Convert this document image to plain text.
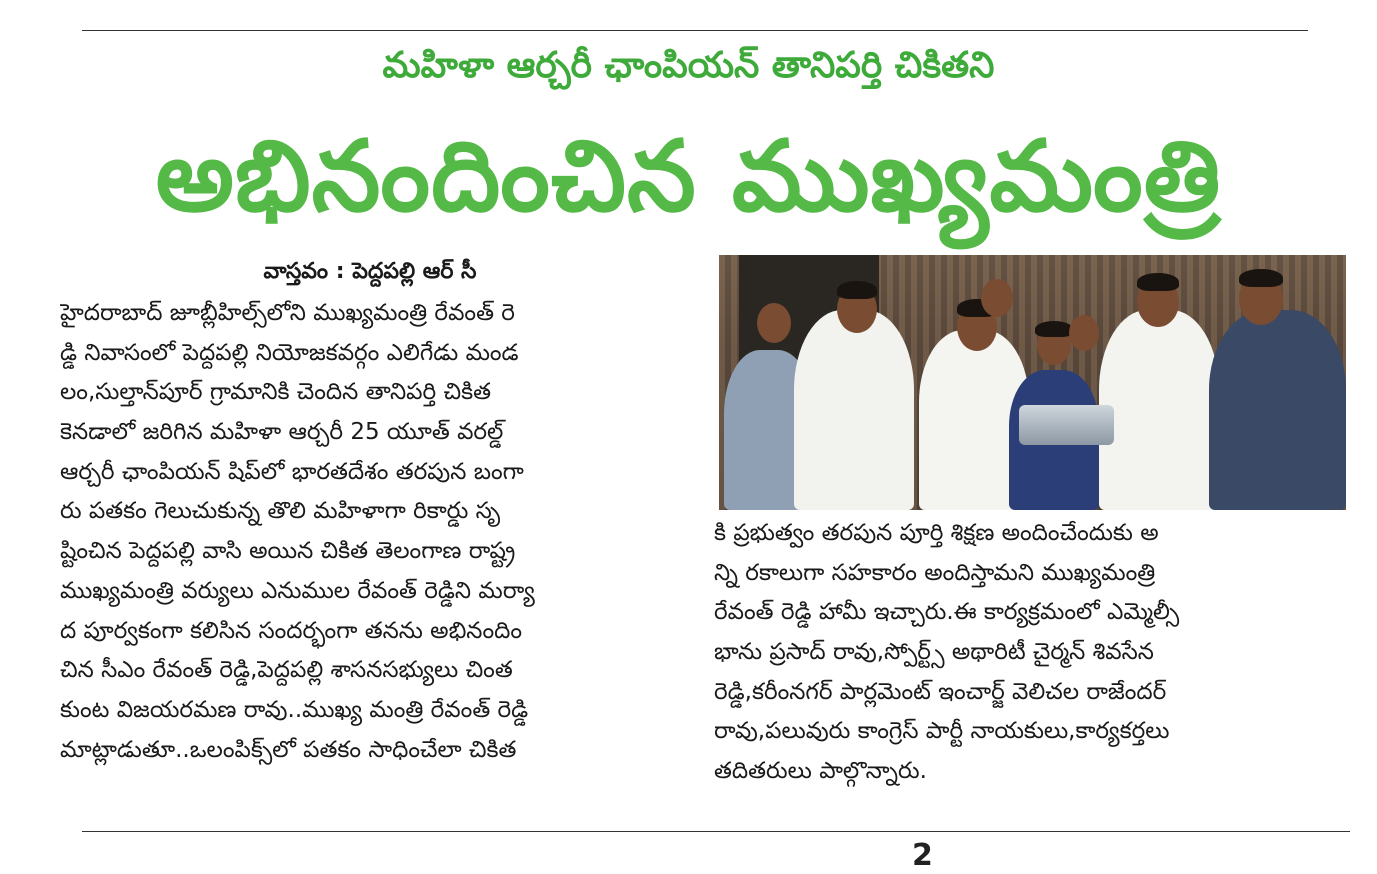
మహిళా ఆర్చరీ ఛాంపియన్ తానిపర్తి చికితని
అభినందించిన ముఖ్యమంత్రి
వాస్తవం : పెద్దపల్లి ఆర్ సీ
హైదరాబాద్ జూబ్లీహిల్స్‌లోని ముఖ్యమంత్రి రేవంత్ రె
డ్డి నివాసంలో పెద్దపల్లి నియోజకవర్గం ఎలిగేడు మండ
లం,సుల్తాన్‌పూర్ గ్రామానికి చెందిన తానిపర్తి చికిత
కెనడాలో జరిగిన మహిళా ఆర్చరీ 25 యూత్ వరల్డ్
ఆర్చరీ ఛాంపియన్ షిప్‌లో భారతదేశం తరపున బంగా
రు పతకం గెలుచుకున్న తొలి మహిళాగా రికార్డు సృ
ష్టించిన పెద్దపల్లి వాసి అయిన చికిత తెలంగాణ రాష్ట్ర
ముఖ్యమంత్రి వర్యులు ఎనుముల రేవంత్ రెడ్డిని మర్యా
ద పూర్వకంగా కలిసిన సందర్భంగా తనను అభినందిం
చిన సీఎం రేవంత్ రెడ్డి,పెద్దపల్లి శాసనసభ్యులు చింత
కుంట విజయరమణ రావు..ముఖ్య మంత్రి రేవంత్ రెడ్డి
మాట్లాడుతూ..ఒలంపిక్స్‌లో పతకం సాధించేలా చికిత
కి ప్రభుత్వం తరపున పూర్తి శిక్షణ అందించేందుకు అ
న్ని రకాలుగా సహకారం అందిస్తామని ముఖ్యమంత్రి
రేవంత్ రెడ్డి హామీ ఇచ్చారు.ఈ కార్యక్రమంలో ఎమ్మెల్సీ
భాను ప్రసాద్ రావు,స్పోర్ట్స్ అథారిటీ చైర్మన్ శివసేన
రెడ్డి,కరీంనగర్ పార్లమెంట్ ఇంచార్జ్ వెలిచల రాజేందర్
రావు,పలువురు కాంగ్రెస్ పార్టీ నాయకులు,కార్యకర్తలు
తదితరులు పాల్గొన్నారు.
2
